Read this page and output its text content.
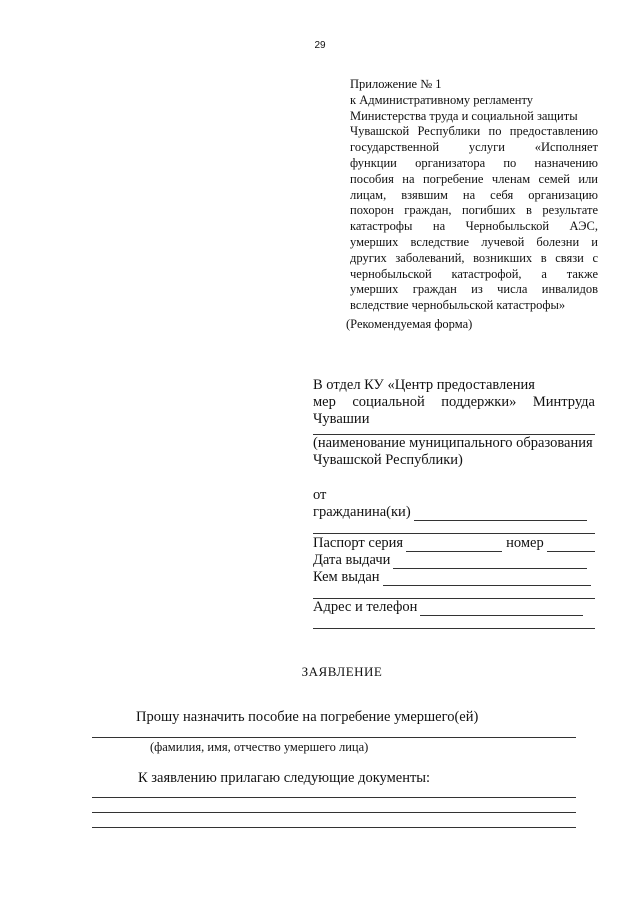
29
Приложение № 1
к Административному регламенту
Министерства труда и социальной защиты
Чувашской Республики по предоставлению
государственной услуги «Исполняет
функции организатора по назначению
пособия на погребение членам семей или
лицам, взявшим на себя организацию
похорон граждан, погибших в результате
катастрофы на Чернобыльской АЭС,
умерших вследствие лучевой болезни и
других заболеваний, возникших в связи с
чернобыльской катастрофой, а также
умерших граждан из числа инвалидов
вследствие чернобыльской катастрофы»
(Рекомендуемая форма)
В отдел КУ «Центр предоставления
мер социальной поддержки» Минтруда
Чувашии
(наименование муниципального образования
Чувашской Республики)
от
гражданина(ки)
Паспорт серия	номер
Дата выдачи
Кем выдан
Адрес и телефон
ЗАЯВЛЕНИЕ
Прошу назначить пособие на погребение умершего(ей)
(фамилия, имя, отчество умершего лица)
К заявлению прилагаю следующие документы:
